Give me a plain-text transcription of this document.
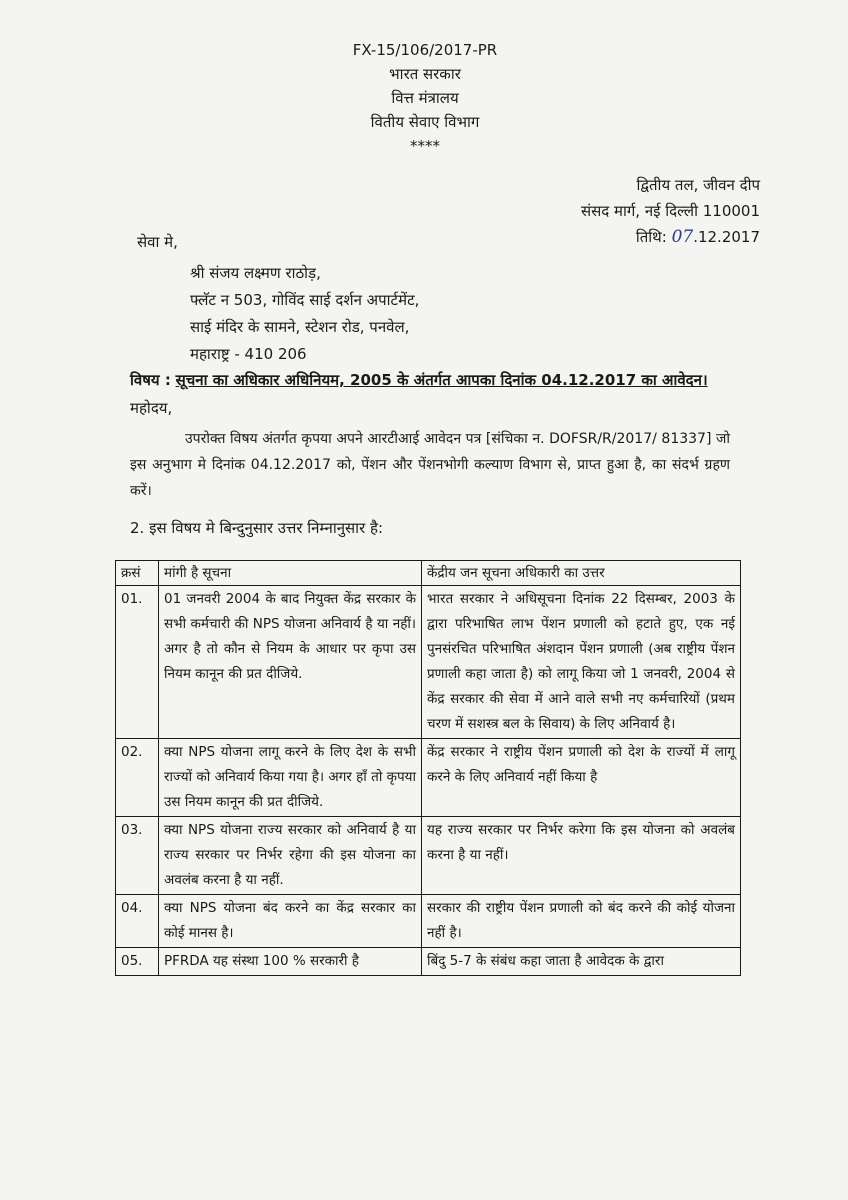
FX-15/106/2017-PR
भारत सरकार
वित्त मंत्रालय
वितीय सेवाए विभाग
****
द्वितीय तल, जीवन दीप
संसद मार्ग, नई दिल्ली 110001
तिथि: 07.12.2017
सेवा मे,
श्री संजय लक्ष्मण राठोड़,
फ्लॅट न 503, गोविंद साई दर्शन अपार्टमेंट,
साई मंदिर के सामने, स्टेशन रोड, पनवेल,
महाराष्ट्र - 410 206
विषय : सूचना का अधिकार अधिनियम, 2005 के अंतर्गत आपका दिनांक 04.12.2017 का आवेदन।
महोदय,
उपरोक्त विषय अंतर्गत कृपया अपने आरटीआई आवेदन पत्र [संचिका न. DOFSR/R/2017/ 81337] जो इस अनुभाग मे दिनांक 04.12.2017 को, पेंशन और पेंशनभोगी कल्याण विभाग से, प्राप्त हुआ है, का संदर्भ ग्रहण करें।
2. इस विषय मे बिन्दुनुसार उत्तर निम्नानुसार है:
क्रसं	मांगी है सूचना	केंद्रीय जन सूचना अधिकारी का उत्तर
01.	01 जनवरी 2004 के बाद नियुक्त केंद्र सरकार के सभी कर्मचारी की NPS योजना अनिवार्य है या नहीं। अगर है तो कौन से नियम के आधार पर कृपा उस नियम कानून की प्रत दीजिये.	भारत सरकार ने अधिसूचना दिनांक 22 दिसम्बर, 2003 के द्वारा परिभाषित लाभ पेंशन प्रणाली को हटाते हुए, एक नई पुनसंरचित परिभाषित अंशदान पेंशन प्रणाली (अब राष्ट्रीय पेंशन प्रणाली कहा जाता है) को लागू किया जो 1 जनवरी, 2004 से केंद्र सरकार की सेवा में आने वाले सभी नए कर्मचारियों (प्रथम चरण में सशस्त्र बल के सिवाय) के लिए अनिवार्य है।
02.	क्या NPS योजना लागू करने के लिए देश के सभी राज्यों को अनिवार्य किया गया है। अगर हाँ तो कृपया उस नियम कानून की प्रत दीजिये.	केंद्र सरकार ने राष्ट्रीय पेंशन प्रणाली को देश के राज्यों में लागू करने के लिए अनिवार्य नहीं किया है
03.	क्या NPS योजना राज्य सरकार को अनिवार्य है या राज्य सरकार पर निर्भर रहेगा की इस योजना का अवलंब करना है या नहीं.	यह राज्य सरकार पर निर्भर करेगा कि इस योजना को अवलंब करना है या नहीं।
04.	क्या NPS योजना बंद करने का केंद्र सरकार का कोई मानस है।	सरकार की राष्ट्रीय पेंशन प्रणाली को बंद करने की कोई योजना नहीं है।
05.	PFRDA यह संस्था 100 % सरकारी है	बिंदु 5-7 के संबंध कहा जाता है आवेदक के द्वारा
